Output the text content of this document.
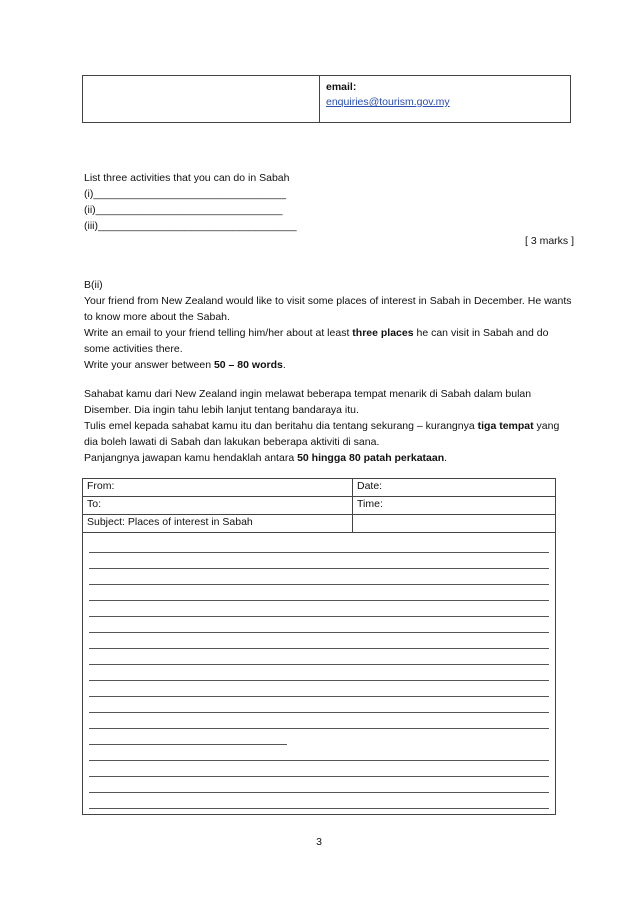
email:
enquiries@tourism.gov.my
List three activities that you can do in Sabah
(i)_________________________________
(ii)________________________________
(iii)__________________________________
[ 3 marks ]
B(ii)
Your friend from New Zealand would like to visit some places of interest in Sabah in December. He wants to know more about the Sabah.
Write an email to your friend telling him/her about at least three places he can visit in Sabah and do some activities there.
Write your answer between 50 – 80 words.
Sahabat kamu dari New Zealand ingin melawat beberapa tempat menarik di Sabah dalam bulan Disember. Dia ingin tahu lebih lanjut tentang bandaraya itu.
Tulis emel kepada sahabat kamu itu dan beritahu dia tentang sekurang – kurangnya tiga tempat yang dia boleh lawati di Sabah dan lakukan beberapa aktiviti di sana.
Panjangnya jawapan kamu hendaklah antara 50 hingga 80 patah perkataan.
From:	Date:
To:	Time:
Subject: Places of interest in Sabah
3
